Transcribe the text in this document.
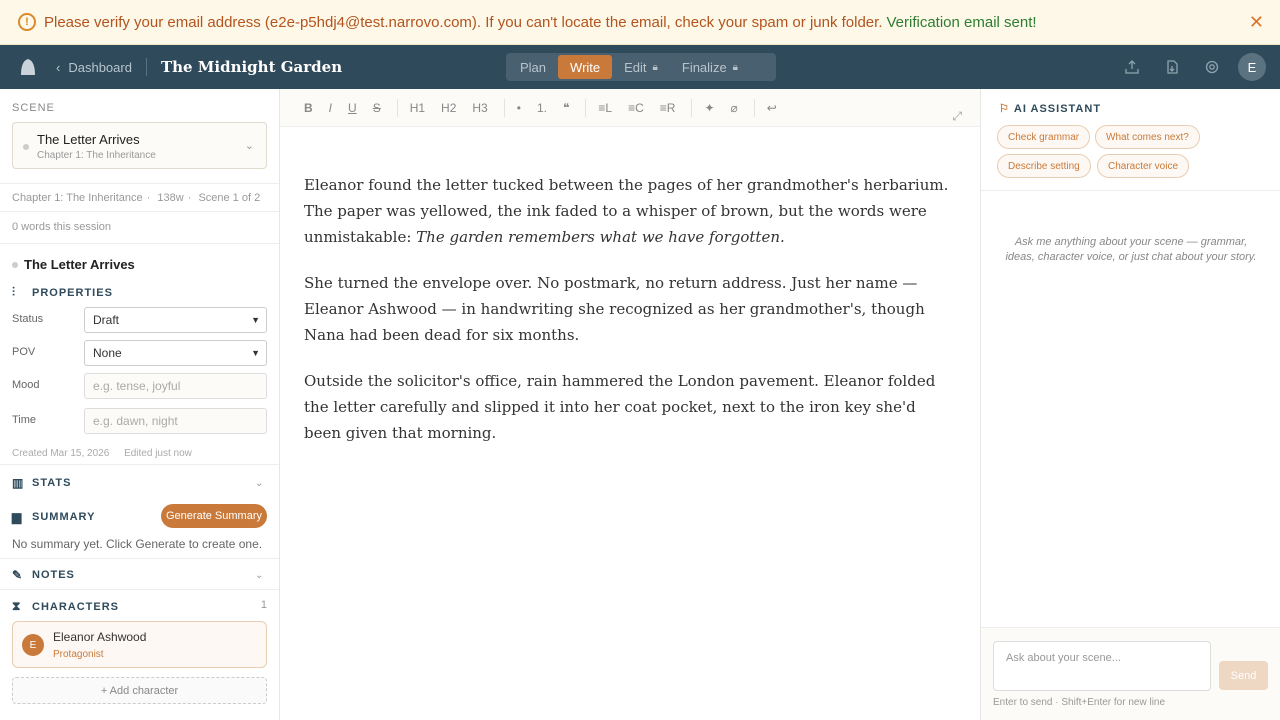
!	Please verify your email address (e2e-p5hdj4@test.narrovo.com). If you can't locate the email, check your spam or junk folder. Verification email sent!	✕
‹ Dashboard The Midnight Garden	Plan Write Edit 🔒︎ Finalize 🔒︎	E
SCENE
The Letter Arrives
Chapter 1: The Inheritance
⌄
Chapter 1: The Inheritance · 138w · Scene 1 of 2
0 words this session
The Letter Arrives
⫶	PROPERTIES
Status	Draft	▼
POV	None	▼
Mood	e.g. tense, joyful
Time	e.g. dawn, night
Created Mar 15, 2026 Edited just now
▥ STATS	⌄
▆ SUMMARY	Generate Summary
No summary yet. Click Generate to create one.
✎ NOTES	⌄
⧗ CHARACTERS	1
E
Eleanor Ashwood
Protagonist
+ Add character
B	I	U	S	H1	H2	H3	•	1.	❝	≡L	≡C	≡R	✦	⌀	↩
⤢

Eleanor found the letter tucked between the pages of her grandmother's herbarium. The paper was yellowed, the ink faded to a whisper of brown, but the words were unmistakable: The garden remembers what we have forgotten.

She turned the envelope over. No postmark, no return address. Just her name — Eleanor Ashwood — in handwriting she recognized as her grandmother's, though Nana had been dead for six months.

Outside the solicitor's office, rain hammered the London pavement. Eleanor folded the letter carefully and slipped it into her coat pocket, next to the iron key she'd been given that morning.

⚐ AI ASSISTANT
Check grammar	What comes next?
Describe setting	Character voice
Ask me anything about your scene — grammar, ideas, character voice, or just chat about your story.
Ask about your scene...
Send
Enter to send · Shift+Enter for new line
